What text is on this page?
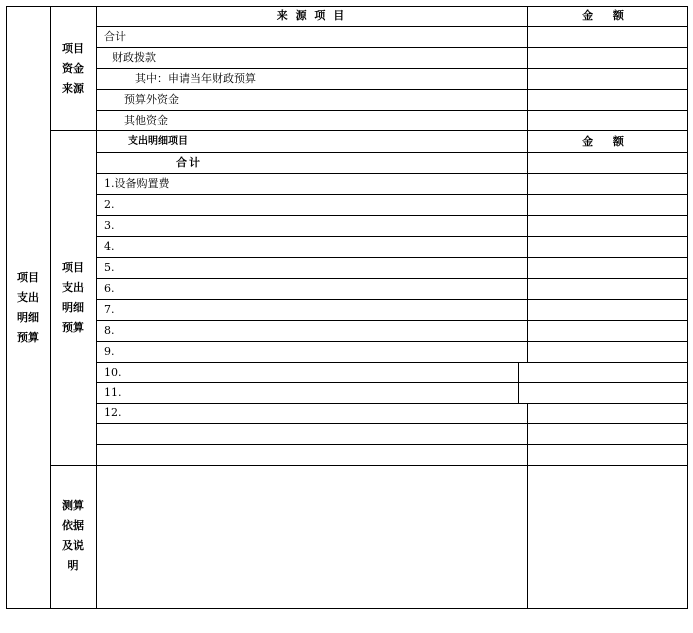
项目
支出
明细
预算
项目
资金
来源
来 源 项 目	金 额
合计
财政拨款
其中：申请当年财政预算
预算外资金
其他资金
项目
支出
明细
预算
支出明细项目	金 额
合计
1.设备购置费
2.
3.
4.
5.
6.
7.
8.
9.
10.
11.
12.
测算
依据
及说
明
